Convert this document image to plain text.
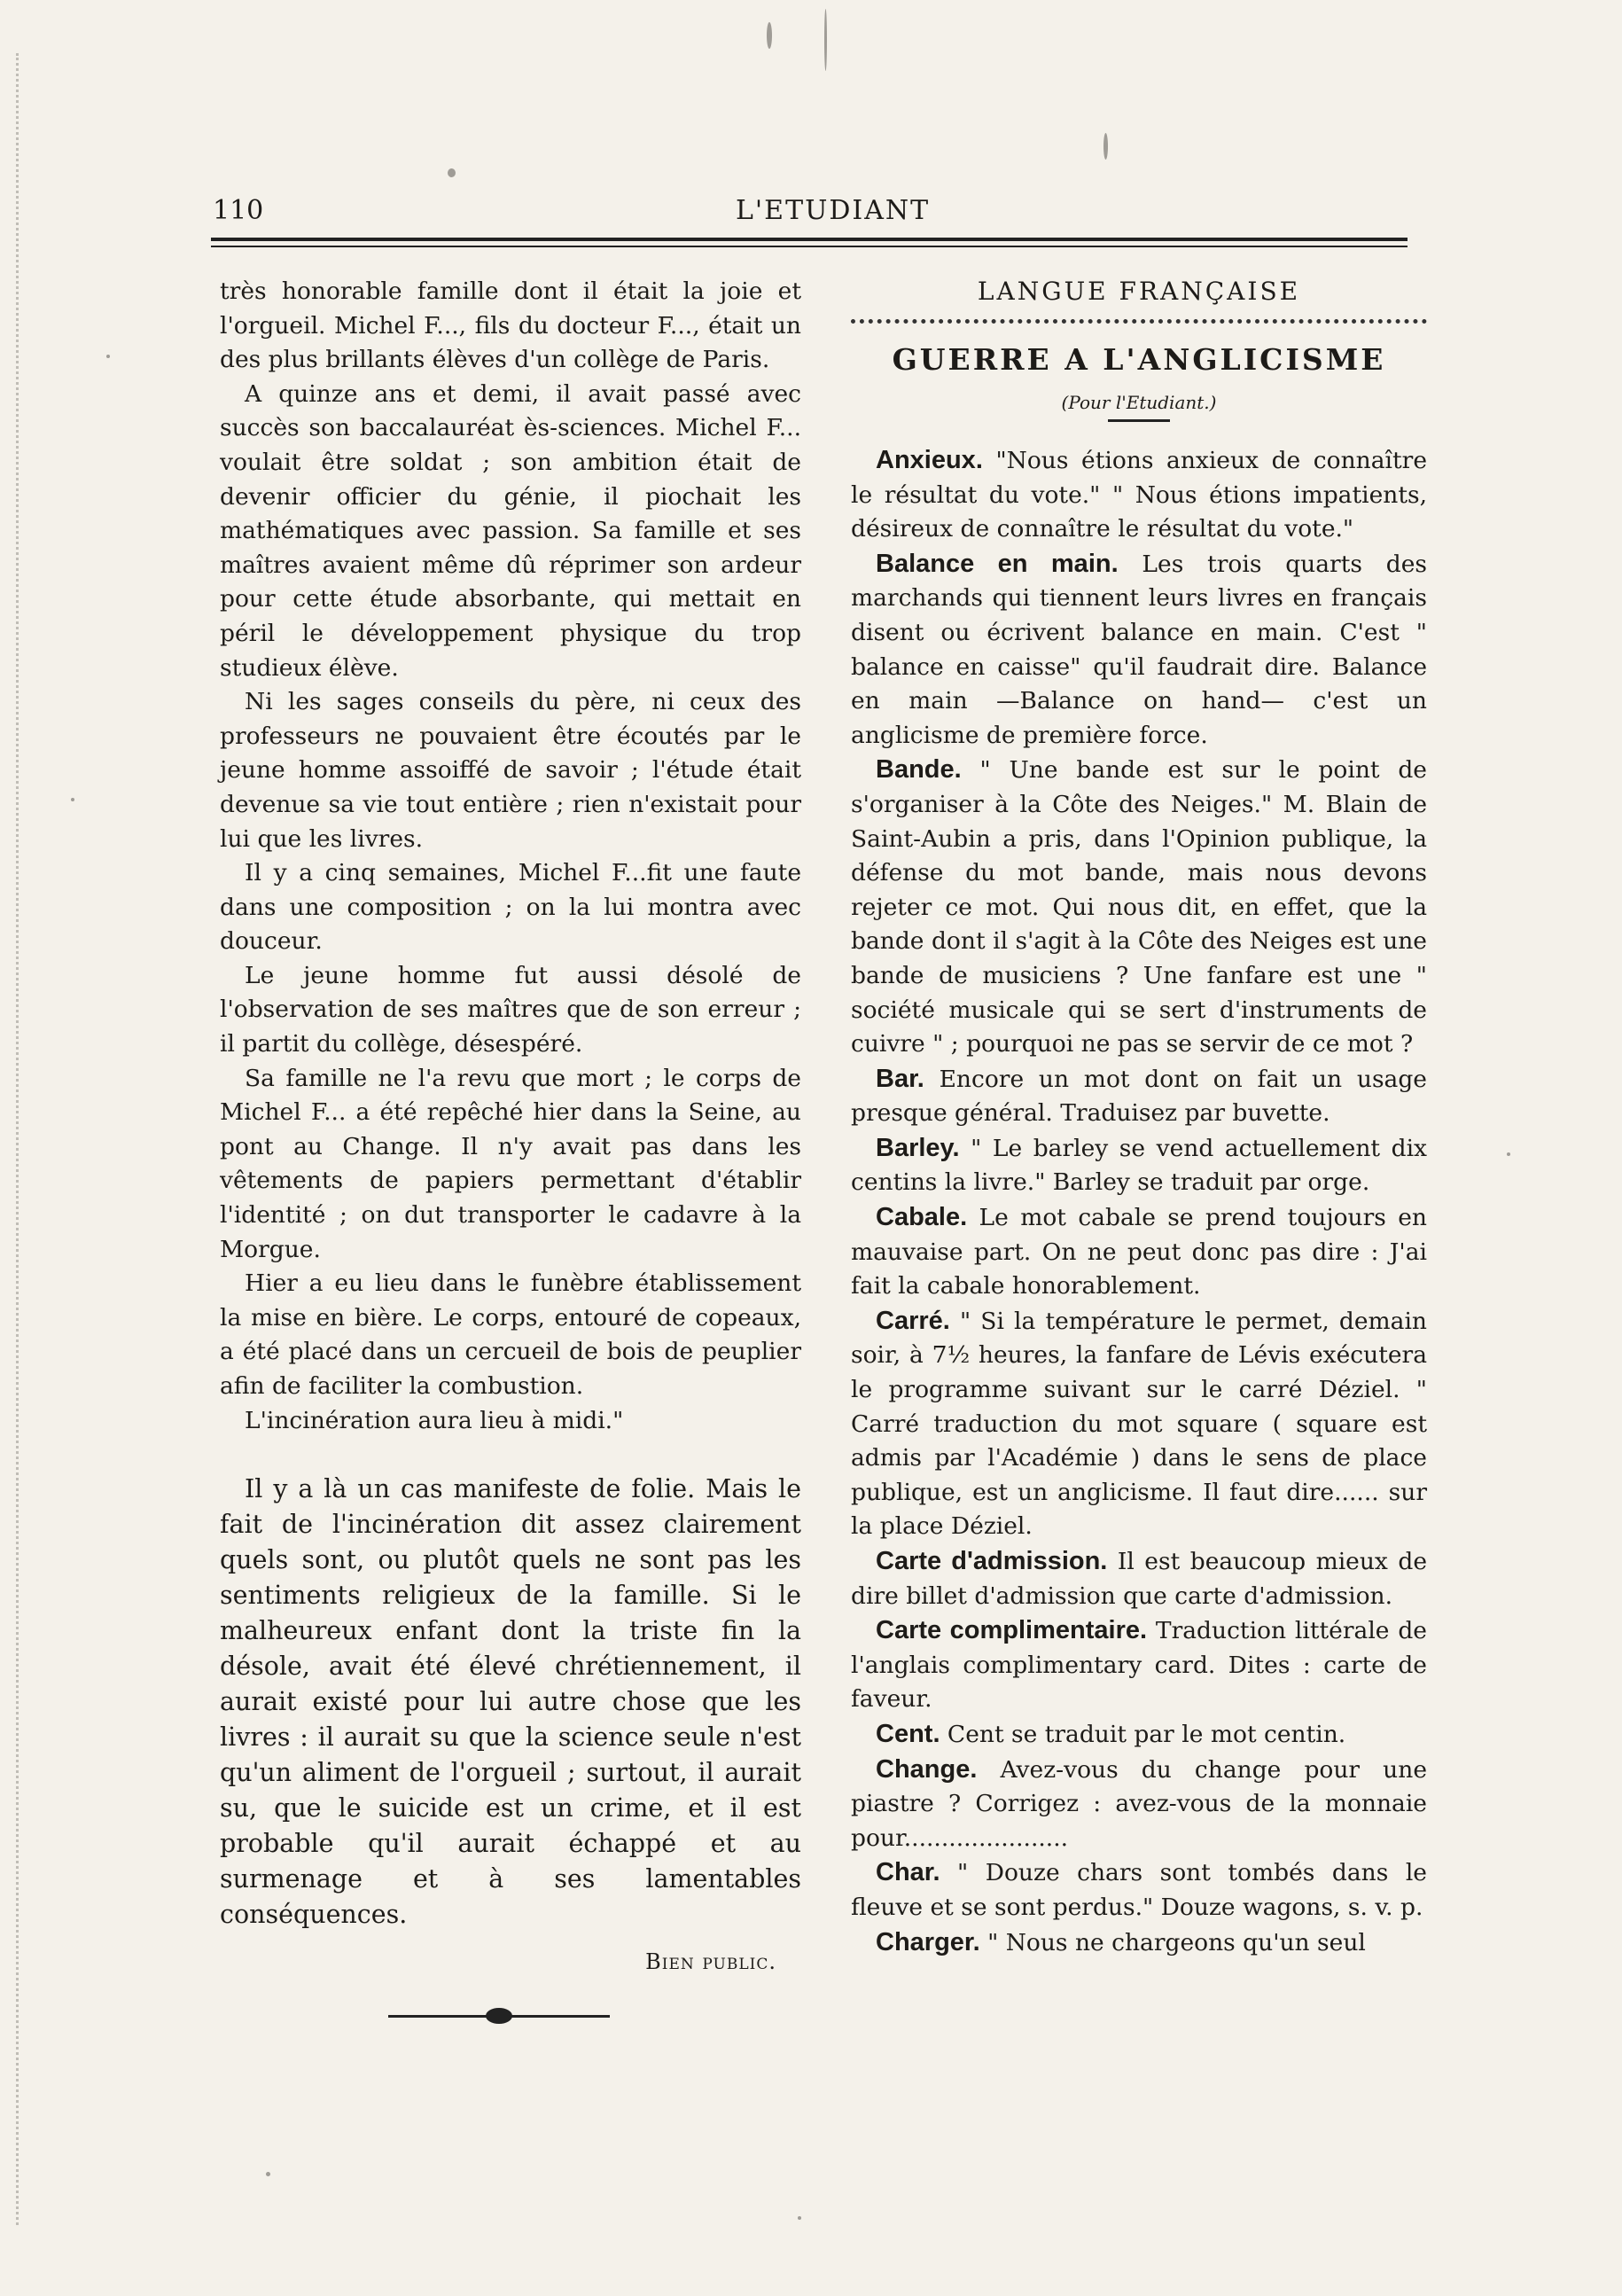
110	L'ETUDIANT

très honorable famille dont il était la joie et l'orgueil. Michel F..., fils du docteur F..., était un des plus brillants élèves d'un collège de Paris.

A quinze ans et demi, il avait passé avec succès son baccalauréat ès-sciences. Michel F... voulait être soldat ; son ambition était de devenir officier du génie, il piochait les mathématiques avec passion. Sa famille et ses maîtres avaient même dû réprimer son ardeur pour cette étude absorbante, qui mettait en péril le développement physique du trop studieux élève.

Ni les sages conseils du père, ni ceux des professeurs ne pouvaient être écoutés par le jeune homme assoiffé de savoir ; l'étude était devenue sa vie tout entière ; rien n'existait pour lui que les livres.

Il y a cinq semaines, Michel F...fit une faute dans une composition ; on la lui montra avec douceur.

Le jeune homme fut aussi désolé de l'observation de ses maîtres que de son erreur ; il partit du collège, désespéré.

Sa famille ne l'a revu que mort ; le corps de Michel F... a été repêché hier dans la Seine, au pont au Change. Il n'y avait pas dans les vêtements de papiers permettant d'établir l'identité ; on dut transporter le cadavre à la Morgue.

Hier a eu lieu dans le funèbre établissement la mise en bière. Le corps, entouré de copeaux, a été placé dans un cercueil de bois de peuplier afin de faciliter la combustion.

L'incinération aura lieu à midi."

Il y a là un cas manifeste de folie. Mais le fait de l'incinération dit assez clairement quels sont, ou plutôt quels ne sont pas les sentiments religieux de la famille. Si le malheureux enfant dont la triste fin la désole, avait été élevé chrétiennement, il aurait existé pour lui autre chose que les livres : il aurait su que la science seule n'est qu'un aliment de l'orgueil ; surtout, il aurait su, que le suicide est un crime, et il est probable qu'il aurait échappé et au surmenage et à ses lamentables conséquences.

Bien public.
LANGUE FRANÇAISE
GUERRE A L'ANGLICISME
(Pour l'Etudiant.)

Anxieux. "Nous étions anxieux de connaître le résultat du vote." " Nous étions impatients, désireux de connaître le résultat du vote."

Balance en main. Les trois quarts des marchands qui tiennent leurs livres en français disent ou écrivent balance en main. C'est " balance en caisse" qu'il faudrait dire. Balance en main —Balance on hand— c'est un anglicisme de première force.

Bande. " Une bande est sur le point de s'organiser à la Côte des Neiges." M. Blain de Saint-Aubin a pris, dans l'Opinion publique, la défense du mot bande, mais nous devons rejeter ce mot. Qui nous dit, en effet, que la bande dont il s'agit à la Côte des Neiges est une bande de musiciens ? Une fanfare est une " société musicale qui se sert d'instruments de cuivre " ; pourquoi ne pas se servir de ce mot ?

Bar. Encore un mot dont on fait un usage presque général. Traduisez par buvette.

Barley. " Le barley se vend actuellement dix centins la livre." Barley se traduit par orge.

Cabale. Le mot cabale se prend toujours en mauvaise part. On ne peut donc pas dire : J'ai fait la cabale honorablement.

Carré. " Si la température le permet, demain soir, à 7½ heures, la fanfare de Lévis exécutera le programme suivant sur le carré Déziel. " Carré traduction du mot square ( square est admis par l'Académie ) dans le sens de place publique, est un anglicisme. Il faut dire...... sur la place Déziel.

Carte d'admission. Il est beaucoup mieux de dire billet d'admission que carte d'admission.

Carte complimentaire. Traduction littérale de l'anglais complimentary card. Dites : carte de faveur.

Cent. Cent se traduit par le mot centin.

Change. Avez-vous du change pour une piastre ? Corrigez : avez-vous de la monnaie pour......................

Char. " Douze chars sont tombés dans le fleuve et se sont perdus." Douze wagons, s. v. p.

Charger. " Nous ne chargeons qu'un seul
